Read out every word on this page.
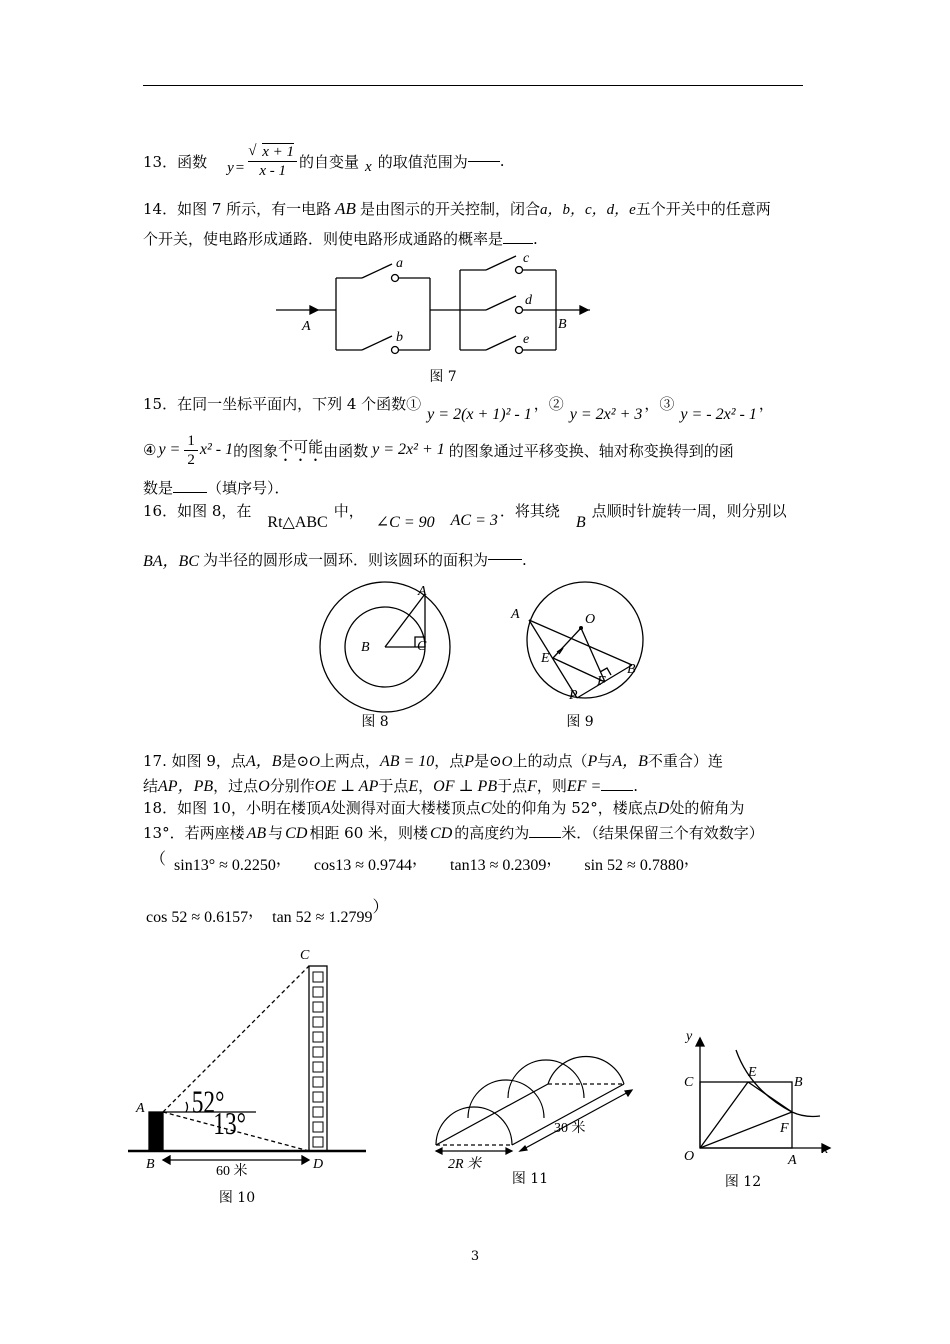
13． 函数 $y = \frac{√ x + 1}{x - 1}$ 的自变量 x 的取值范围为 .
14．如图 7 所示，有一电路 AB 是由图示的开关控制，闭合a，b，c，d，e五个开关中的任意两
个开关，使电路形成通路．则使电路形成通路的概率是 .
a
b
c
d
e
A	B
图 7
15．在同一坐标平面内，下列 4 个函数①
y = 2(x + 1)² - 1
，②
y = 2x² + 3
，③
y = - 2x² - 1
，
④ $y = \frac{1}{2} x^2 - 1$ 的图象 不可能 由函数 y = 2x² + 1 的图象通过平移变换、轴对称变换得到的函
数是 （填序号）．
16．如图 8，在
Rt△ABC
中，
∠C = 90 AC = 3
．将其绕
B
点顺时针旋转一周，则分别以
BA，BC 为半径的圆形成一圆环．则该圆环的面积为 .
A
B	C
图 8
A	O
E
F
B
P
图 9
17. 如图 9，点A，B是⊙O上两点，AB = 10，点P是⊙O上的动点（P与A，B不重合）连
结AP，PB，过点O分别作OE ⊥ AP于点E，OF ⊥ PB于点F，则EF = .
18．如图 10，小明在楼顶A处测得对面大楼楼顶点C处的仰角为 52°，楼底点D处的俯角为
13°．若两座楼 AB 与 CD 相距 60 米，则楼 CD 的高度约为 米．（结果保留三个有效数字）
（ sin13° ≈ 0.2250， cos13 ≈ 0.9744， tan13 ≈ 0.2309， sin 52 ≈ 0.7880，
cos 52 ≈ 0.6157， tan 52 ≈ 1.2799）
C
A
B	D
52°
13°
60 米
图 10
30 米
2R 米
图 11
y
x
C
E
B
F
O	A
图 12
3
